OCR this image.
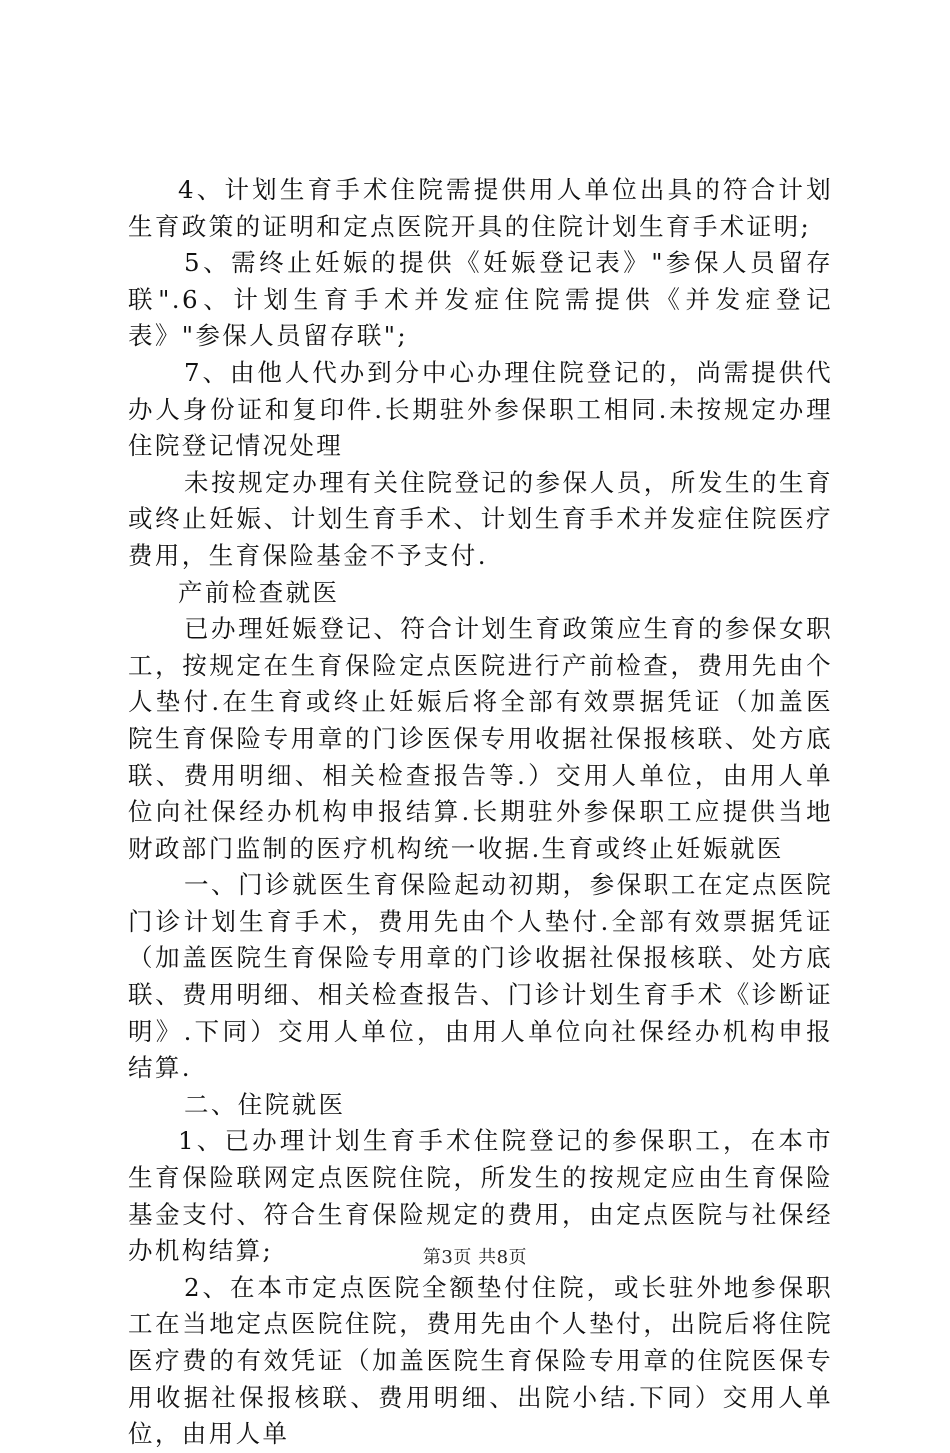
4、计划生育手术住院需提供用人单位出具的符合计划生育政策的证明和定点医院开具的住院计划生育手术证明;

5、需终止妊娠的提供《妊娠登记表》"参保人员留存联".6、计划生育手术并发症住院需提供《并发症登记表》"参保人员留存联";

7、由他人代办到分中心办理住院登记的，尚需提供代办人身份证和复印件.长期驻外参保职工相同.未按规定办理住院登记情况处理

未按规定办理有关住院登记的参保人员，所发生的生育或终止妊娠、计划生育手术、计划生育手术并发症住院医疗费用，生育保险基金不予支付.

产前检查就医

已办理妊娠登记、符合计划生育政策应生育的参保女职工，按规定在生育保险定点医院进行产前检查，费用先由个人垫付.在生育或终止妊娠后将全部有效票据凭证（加盖医院生育保险专用章的门诊医保专用收据社保报核联、处方底联、费用明细、相关检查报告等.）交用人单位，由用人单位向社保经办机构申报结算.长期驻外参保职工应提供当地财政部门监制的医疗机构统一收据.生育或终止妊娠就医

一、门诊就医生育保险起动初期，参保职工在定点医院门诊计划生育手术，费用先由个人垫付.全部有效票据凭证（加盖医院生育保险专用章的门诊收据社保报核联、处方底联、费用明细、相关检查报告、门诊计划生育手术《诊断证明》.下同）交用人单位，由用人单位向社保经办机构申报结算.

二、住院就医

1、已办理计划生育手术住院登记的参保职工，在本市生育保险联网定点医院住院，所发生的按规定应由生育保险基金支付、符合生育保险规定的费用，由定点医院与社保经办机构结算;

2、在本市定点医院全额垫付住院，或长驻外地参保职工在当地定点医院住院，费用先由个人垫付，出院后将住院医疗费的有效凭证（加盖医院生育保险专用章的住院医保专用收据社保报核联、费用明细、出院小结.下同）交用人单位，由用人单

第3页 共8页
